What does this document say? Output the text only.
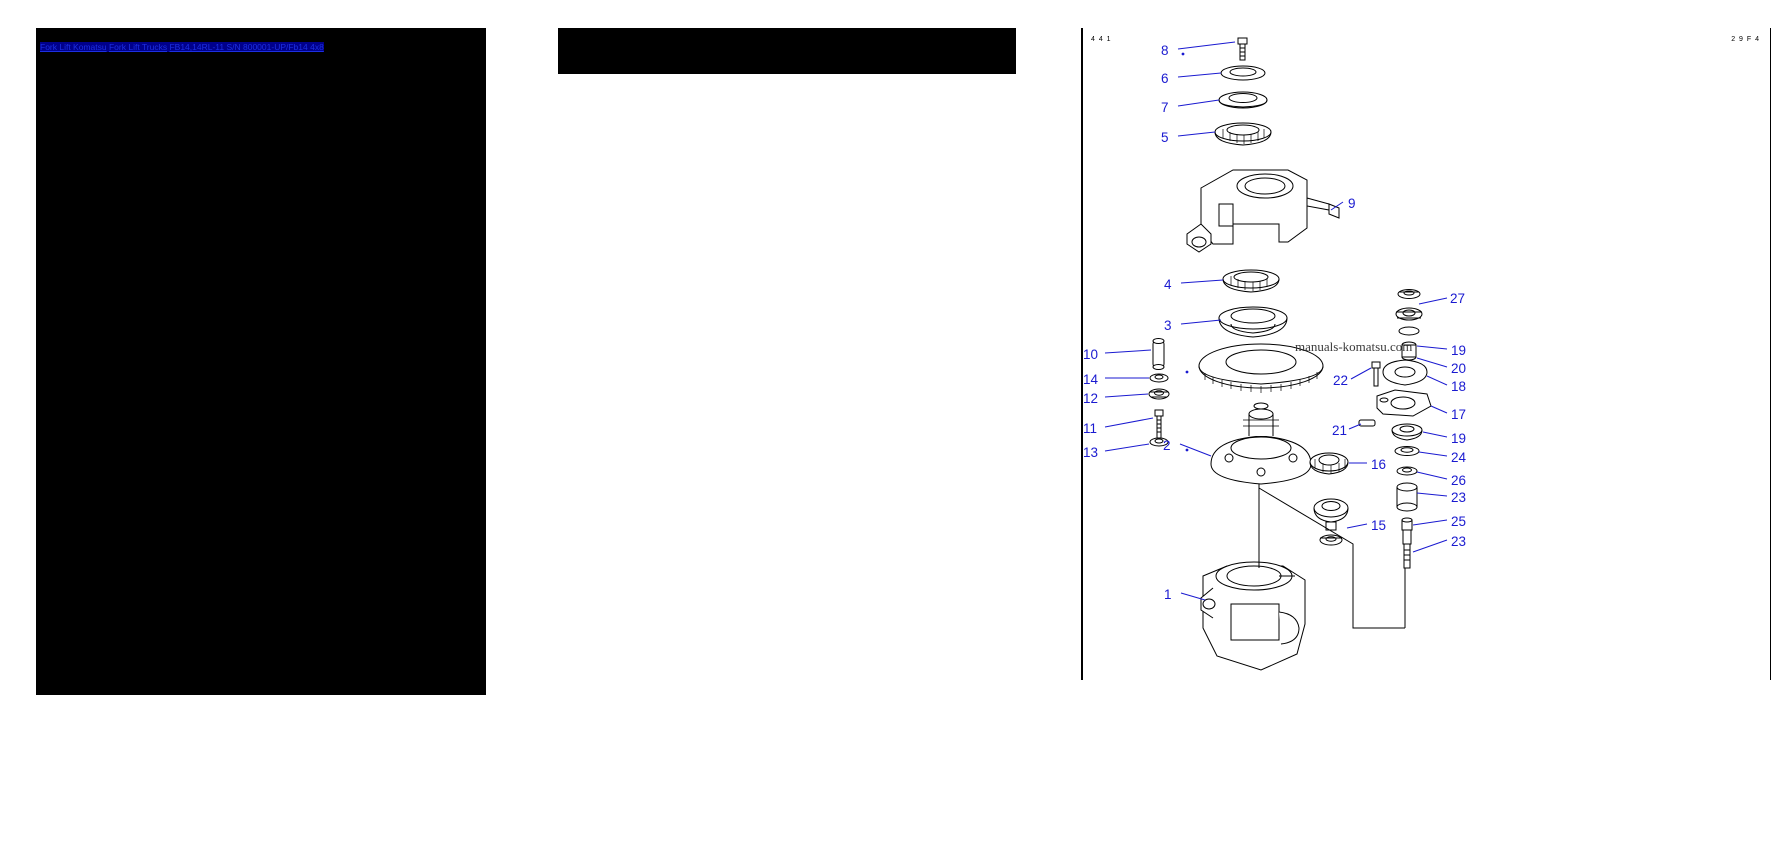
Fork Lift Komatsu Fork Lift Trucks FB14,14RL-11 S/N 800001-UP/Fb14 4x8
4 4 1	2 9 F 4
manuals-komatsu.com
8
6
7
5
9
4
3
27
10	19
20
14	22	18
12
17
11	21
19
13	2
24
16
26
23
15	25
23
1
